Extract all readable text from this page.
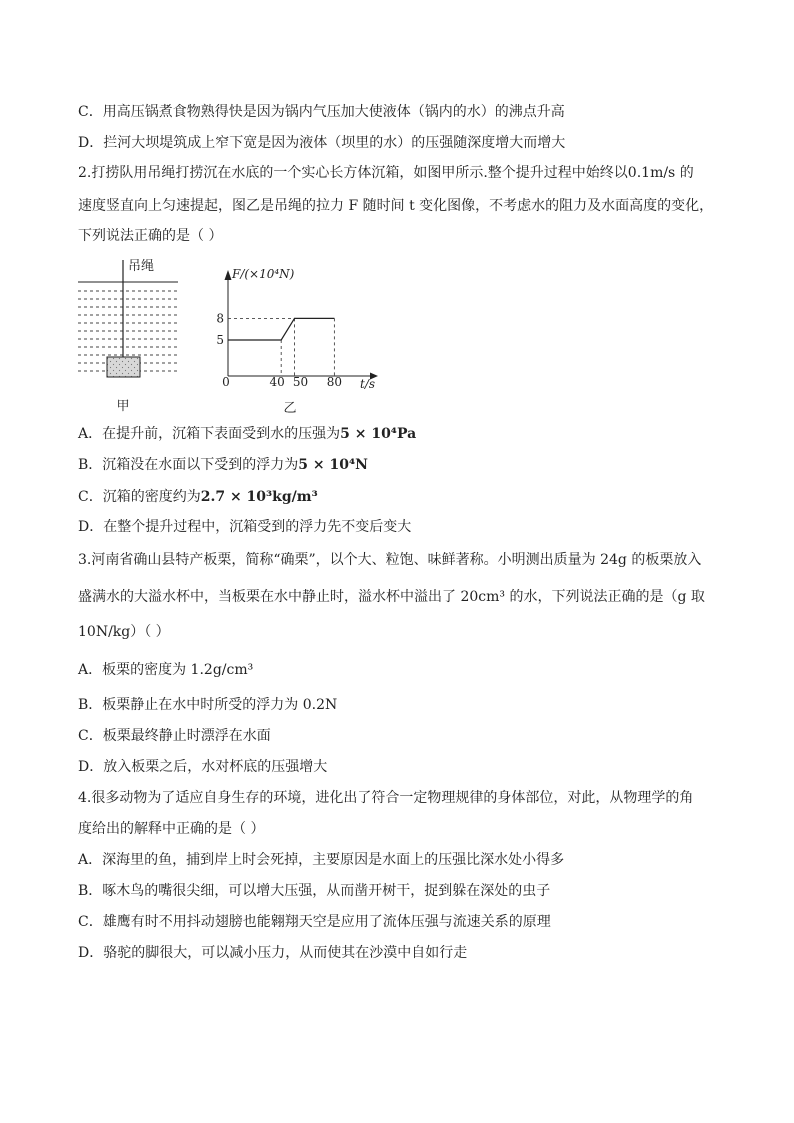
C．用高压锅煮食物熟得快是因为锅内气压加大使液体（锅内的水）的沸点升高
D．拦河大坝堤筑成上窄下宽是因为液体（坝里的水）的压强随深度增大而增大
2.打捞队用吊绳打捞沉在水底的一个实心长方体沉箱，如图甲所示.整个提升过程中始终以0.1m/s 的
速度竖直向上匀速提起，图乙是吊绳的拉力 F 随时间 t 变化图像，不考虑水的阻力及水面高度的变化，
下列说法正确的是（ ）
吊绳
甲
F/(×10⁴N)
t/s
0	40 50 80
5
8
乙
A．在提升前，沉箱下表面受到水的压强为5 × 10⁴Pa
B．沉箱没在水面以下受到的浮力为5 × 10⁴N
C．沉箱的密度约为2.7 × 10³kg/m³
D．在整个提升过程中，沉箱受到的浮力先不变后变大
3.河南省确山县特产板栗，简称“确栗”，以个大、粒饱、味鲜著称。小明测出质量为 24g 的板栗放入
盛满水的大溢水杯中，当板栗在水中静止时，溢水杯中溢出了 20cm³ 的水，下列说法正确的是（g 取
10N/kg）（ ）
A．板栗的密度为 1.2g/cm³
B．板栗静止在水中时所受的浮力为 0.2N
C．板栗最终静止时漂浮在水面
D．放入板栗之后，水对杯底的压强增大
4.很多动物为了适应自身生存的环境，进化出了符合一定物理规律的身体部位，对此，从物理学的角
度给出的解释中正确的是（ ）
A．深海里的鱼，捕到岸上时会死掉，主要原因是水面上的压强比深水处小得多
B．啄木鸟的嘴很尖细，可以增大压强，从而凿开树干，捉到躲在深处的虫子
C．雄鹰有时不用抖动翅膀也能翱翔天空是应用了流体压强与流速关系的原理
D．骆驼的脚很大，可以减小压力，从而使其在沙漠中自如行走
